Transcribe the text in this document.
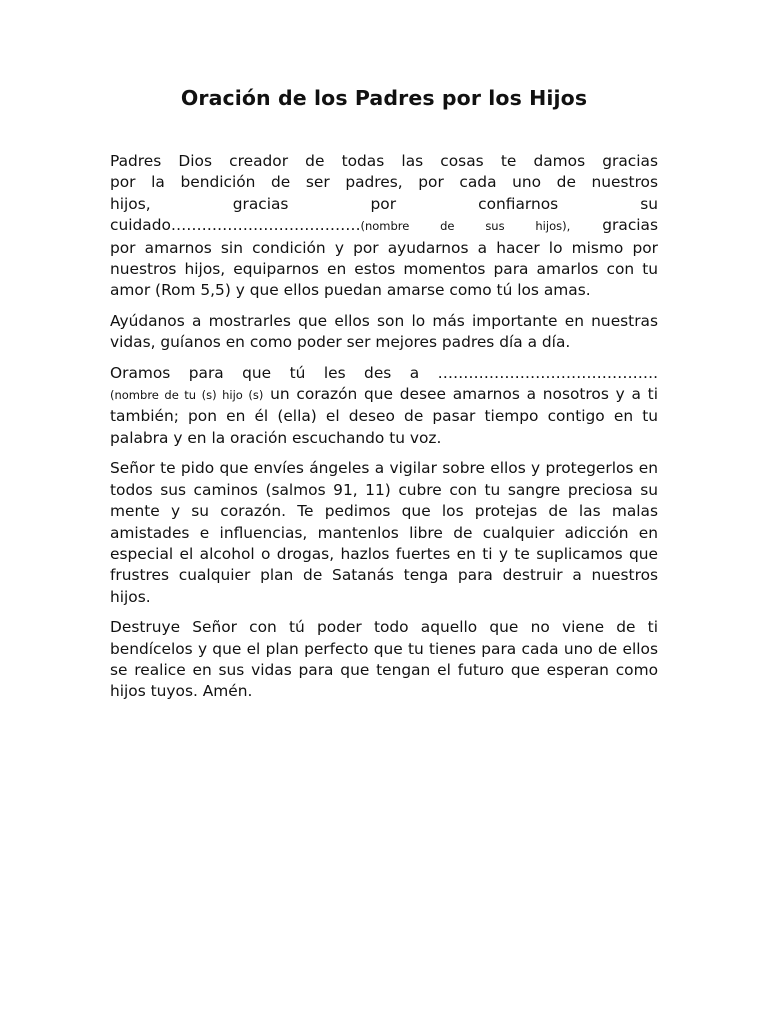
Oración de los Padres por los Hijos
Padres Dios creador de todas las cosas te damos gracias
por la bendición de ser padres, por cada uno de nuestros
hijos, gracias por confiarnos su
cuidado……………………………….(nombre de sus hijos), gracias
por amarnos sin condición y por ayudarnos a hacer lo mismo por nuestros hijos, equiparnos en estos momentos para amarlos con tu amor (Rom 5,5) y que ellos puedan amarse como tú los amas.

Ayúdanos a mostrarles que ellos son lo más importante en nuestras vidas, guíanos en como poder ser mejores padres día a día.

Oramos para que tú les des a …………………………………….
(nombre de tu (s) hijo (s) un corazón que desee amarnos a nosotros y a ti también; pon en él (ella) el deseo de pasar tiempo contigo en tu palabra y en la oración escuchando tu voz.

Señor te pido que envíes ángeles a vigilar sobre ellos y protegerlos en todos sus caminos (salmos 91, 11) cubre con tu sangre preciosa su mente y su corazón. Te pedimos que los protejas de las malas amistades e influencias, mantenlos libre de cualquier adicción en especial el alcohol o drogas, hazlos fuertes en ti y te suplicamos que frustres cualquier plan de Satanás tenga para destruir a nuestros hijos.

Destruye Señor con tú poder todo aquello que no viene de ti bendícelos y que el plan perfecto que tu tienes para cada uno de ellos se realice en sus vidas para que tengan el futuro que esperan como hijos tuyos. Amén.
